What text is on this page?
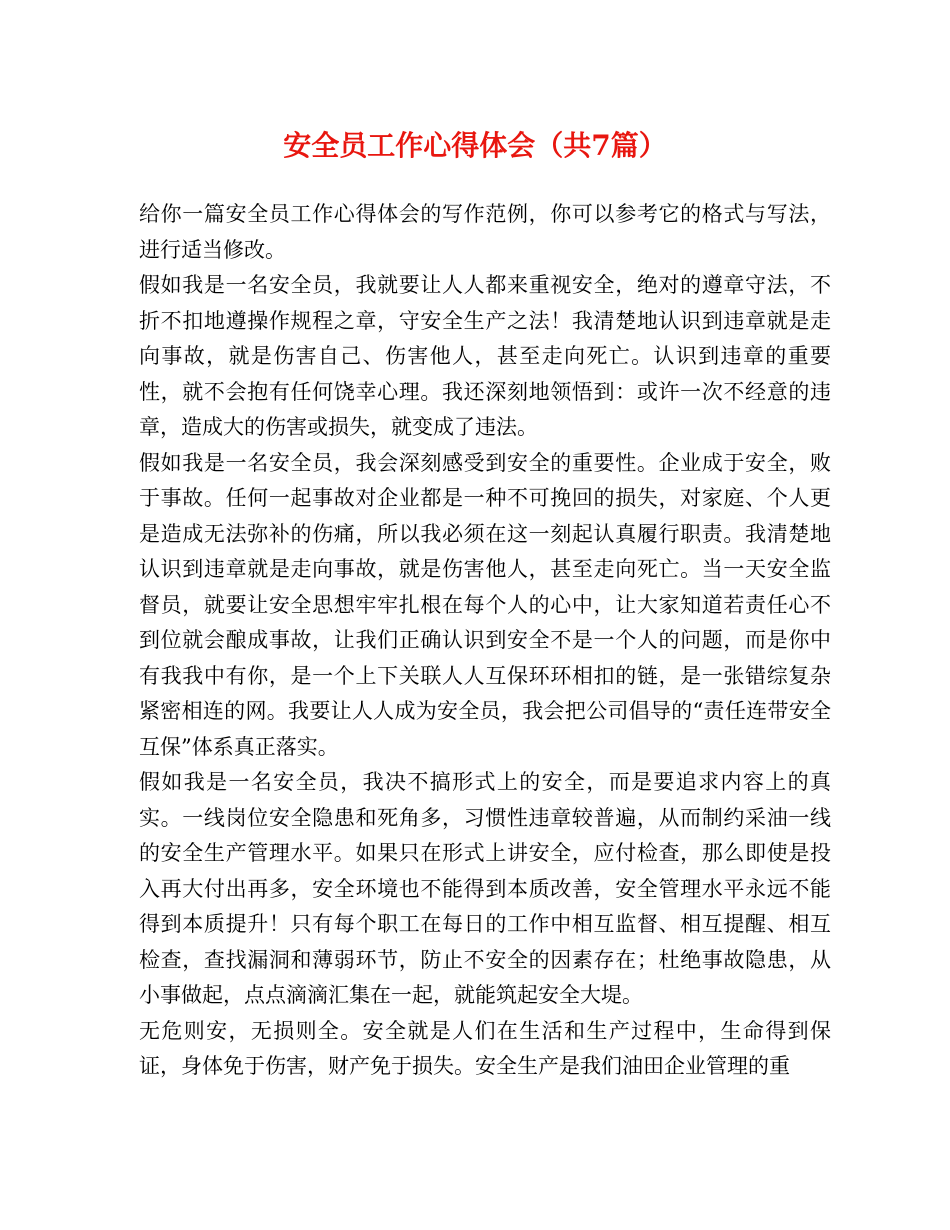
安全员工作心得体会（共7篇）

给你一篇安全员工作心得体会的写作范例，你可以参考它的格式与写法，进行适当修改。

假如我是一名安全员，我就要让人人都来重视安全，绝对的遵章守法，不折不扣地遵操作规程之章，守安全生产之法！我清楚地认识到违章就是走向事故，就是伤害自己、伤害他人，甚至走向死亡。认识到违章的重要性，就不会抱有任何饶幸心理。我还深刻地领悟到：或许一次不经意的违章，造成大的伤害或损失，就变成了违法。

假如我是一名安全员，我会深刻感受到安全的重要性。企业成于安全，败于事故。任何一起事故对企业都是一种不可挽回的损失，对家庭、个人更是造成无法弥补的伤痛，所以我必须在这一刻起认真履行职责。我清楚地认识到违章就是走向事故，就是伤害他人，甚至走向死亡。当一天安全监督员，就要让安全思想牢牢扎根在每个人的心中，让大家知道若责任心不到位就会酿成事故，让我们正确认识到安全不是一个人的问题，而是你中有我我中有你，是一个上下关联人人互保环环相扣的链，是一张错综复杂紧密相连的网。我要让人人成为安全员，我会把公司倡导的“责任连带安全互保”体系真正落实。

假如我是一名安全员，我决不搞形式上的安全，而是要追求内容上的真实。一线岗位安全隐患和死角多，习惯性违章较普遍，从而制约采油一线的安全生产管理水平。如果只在形式上讲安全，应付检查，那么即使是投入再大付出再多，安全环境也不能得到本质改善，安全管理水平永远不能得到本质提升！只有每个职工在每日的工作中相互监督、相互提醒、相互检查，查找漏洞和薄弱环节，防止不安全的因素存在；杜绝事故隐患，从小事做起，点点滴滴汇集在一起，就能筑起安全大堤。

无危则安，无损则全。安全就是人们在生活和生产过程中，生命得到保证，身体免于伤害，财产免于损失。安全生产是我们油田企业管理的重
